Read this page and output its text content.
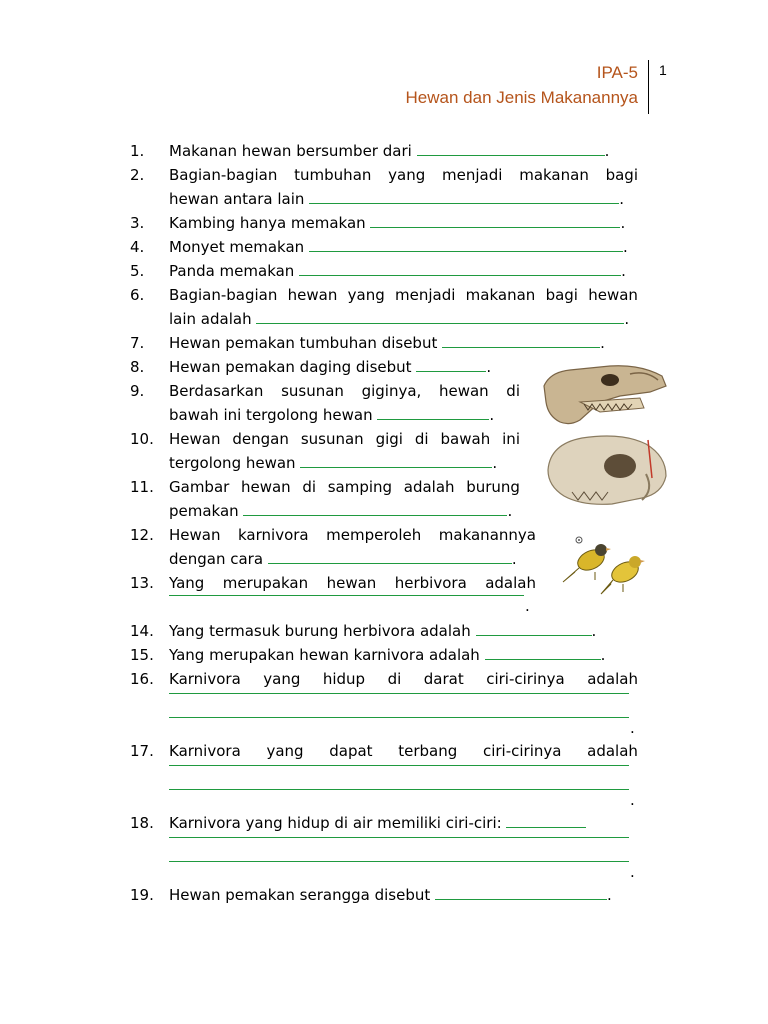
IPA-5
Hewan dan Jenis Makanannya
1
1. Makanan hewan bersumber dari	.
2. Bagian-bagian tumbuhan yang menjadi makanan bagi
hewan antara lain	.
3. Kambing hanya memakan	.
4. Monyet memakan	.
5. Panda memakan	.
6. Bagian-bagian hewan yang menjadi makanan bagi hewan
lain adalah	.
7. Hewan pemakan tumbuhan disebut	.
8. Hewan pemakan daging disebut	.
9. Berdasarkan susunan giginya, hewan di
bawah ini tergolong hewan	.
10. Hewan dengan susunan gigi di bawah ini
tergolong hewan	.
11. Gambar hewan di samping adalah burung
pemakan	.
12. Hewan karnivora memperoleh makanannya
dengan cara	.
13. Yang merupakan hewan herbivora adalah
.
14. Yang termasuk burung herbivora adalah	.
15. Yang merupakan hewan karnivora adalah	.
16. Karnivora yang hidup di darat ciri-cirinya adalah
.
17. Karnivora yang dapat terbang ciri-cirinya adalah
.
18. Karnivora yang hidup di air memiliki ciri-ciri:
.
19. Hewan pemakan serangga disebut	.
